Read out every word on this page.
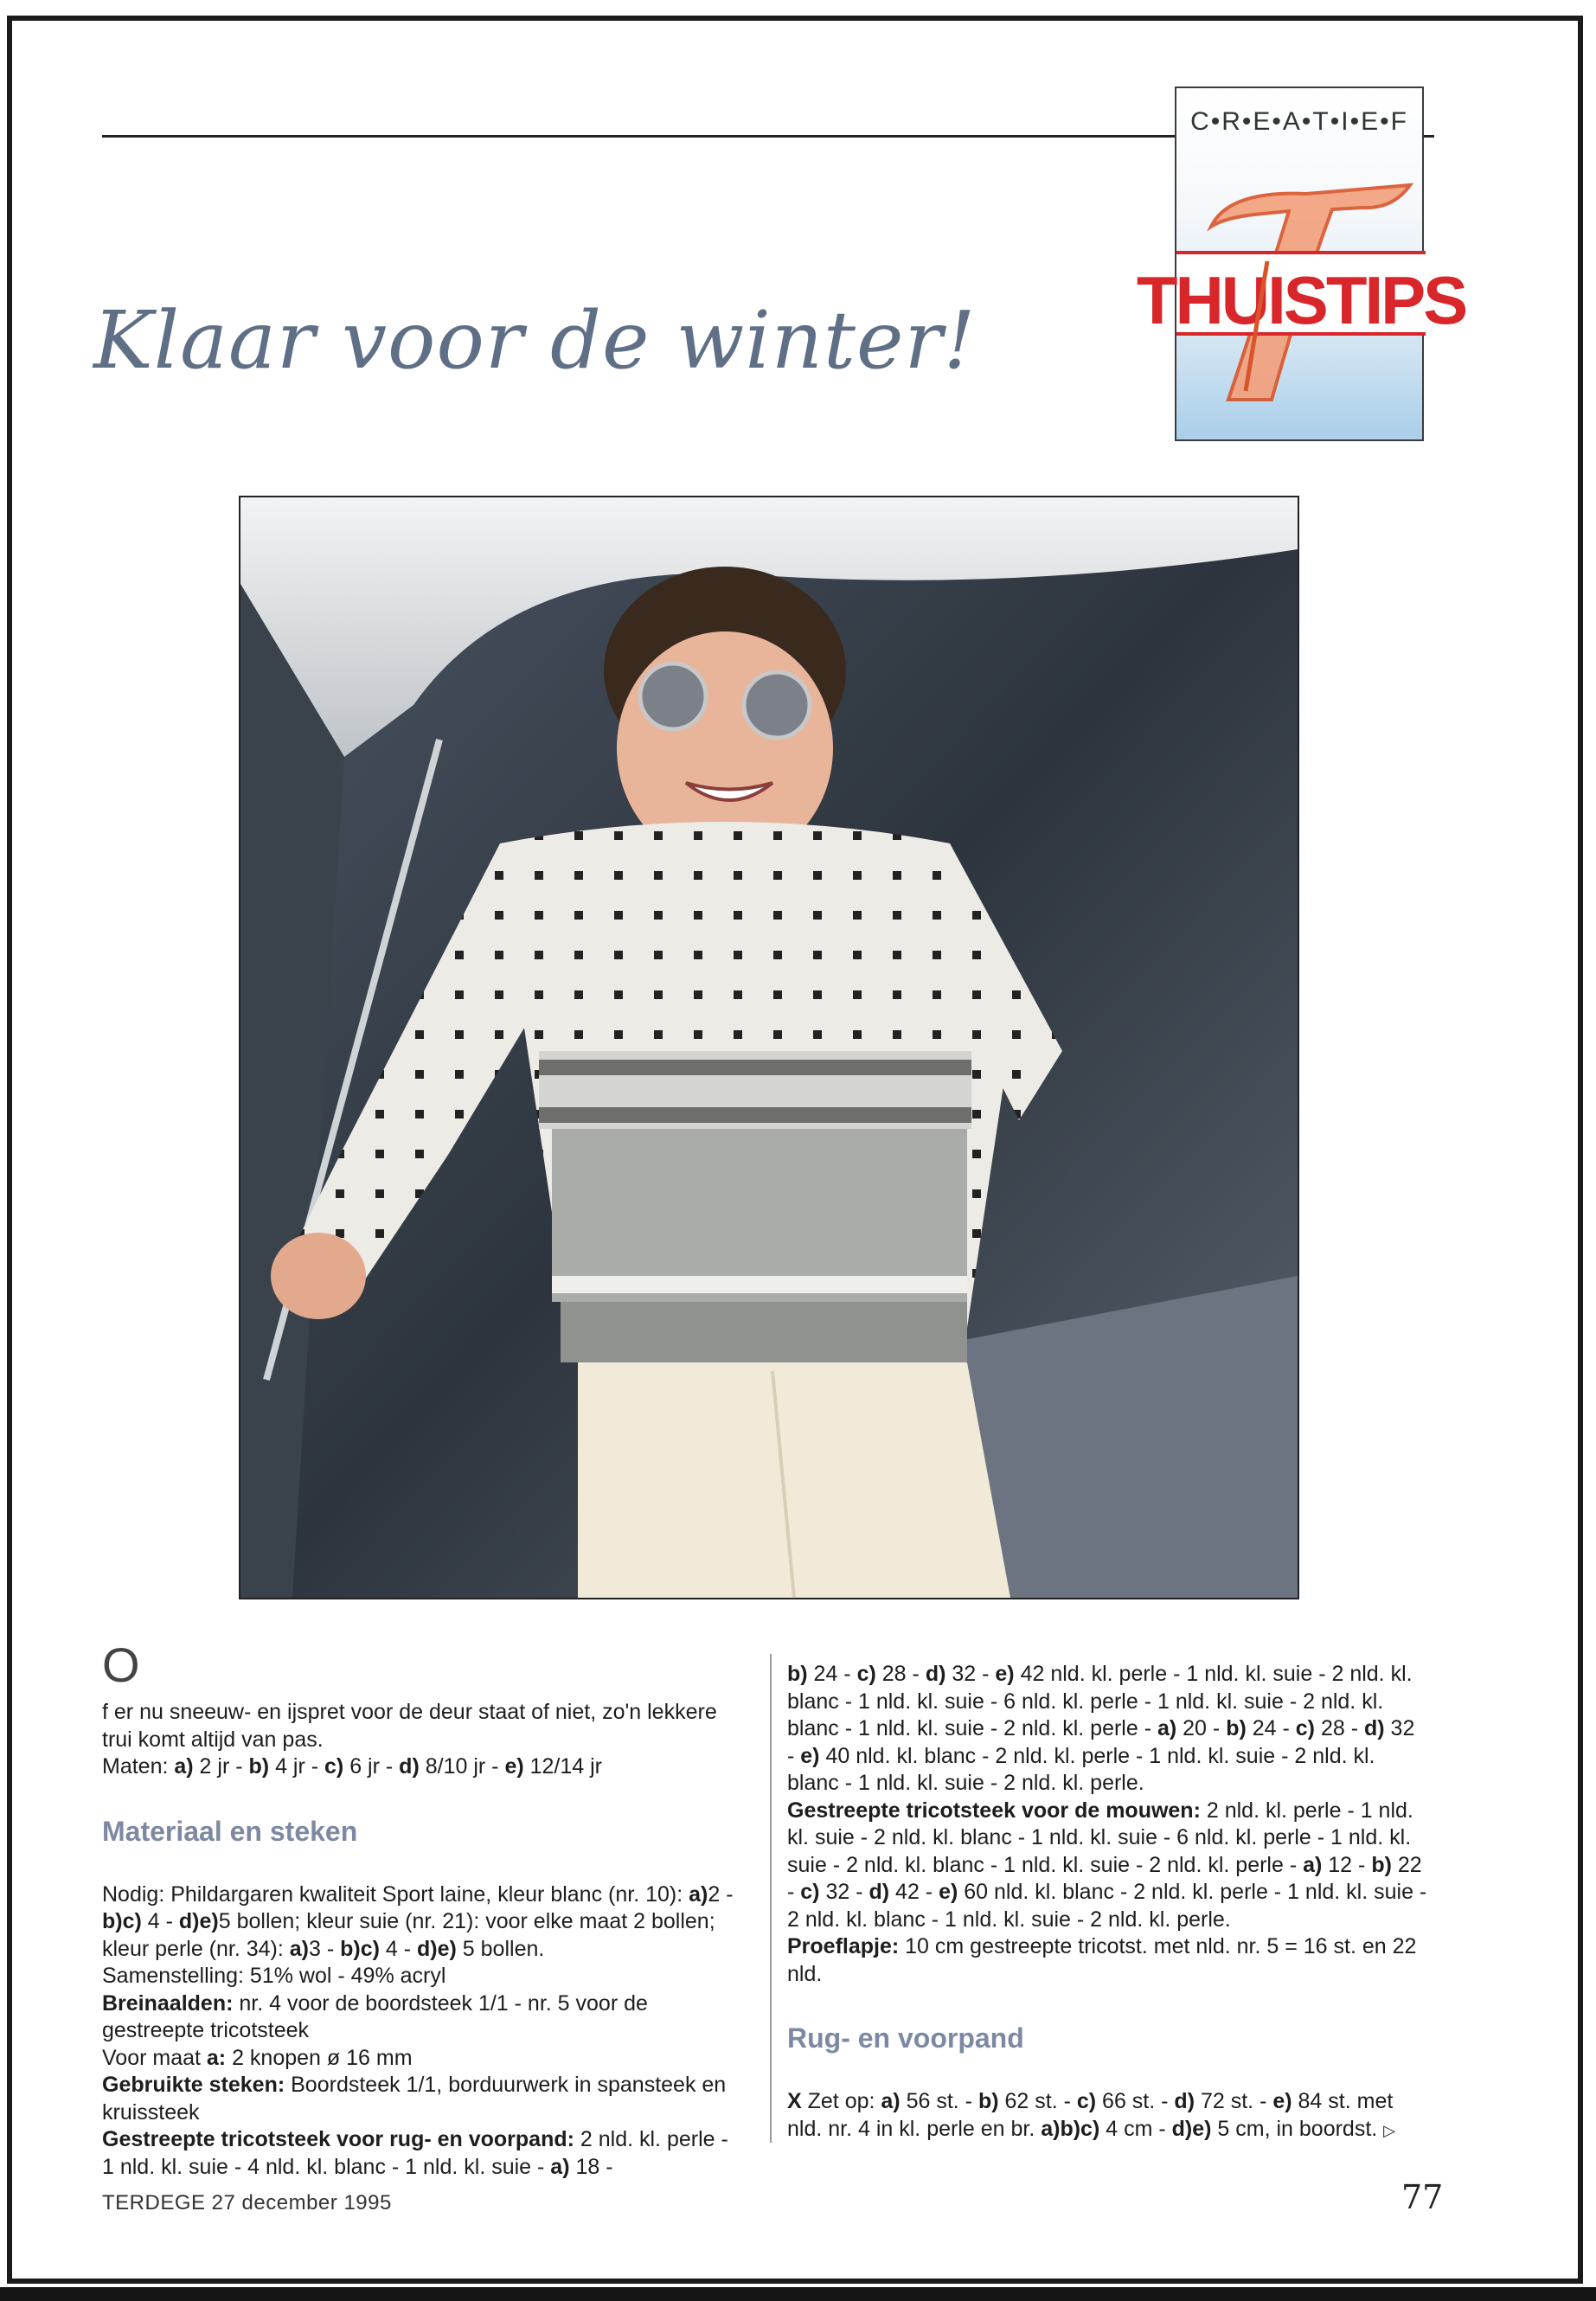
Klaar voor de winter!
C•R•E•A•T•I•E•F
THUISTIPS

O
f er nu sneeuw- en ijspret voor de deur staat of niet, zo'n lekkere trui komt altijd van pas.

Maten: a) 2 jr - b) 4 jr - c) 6 jr - d) 8/10 jr - e) 12/14 jr

Materiaal en steken

Nodig: Phildargaren kwaliteit Sport laine, kleur blanc (nr. 10): a)2 - b)c) 4 - d)e)5 bollen; kleur suie (nr. 21): voor elke maat 2 bollen; kleur perle (nr. 34): a)3 - b)c) 4 - d)e) 5 bollen.

Samenstelling: 51% wol - 49% acryl

Breinaalden: nr. 4 voor de boordsteek 1/1 - nr. 5 voor de gestreepte tricotsteek

Voor maat a: 2 knopen ø 16 mm

Gebruikte steken: Boordsteek 1/1, borduurwerk in spansteek en kruissteek

Gestreepte tricotsteek voor rug- en voorpand: 2 nld. kl. perle - 1 nld. kl. suie - 4 nld. kl. blanc - 1 nld. kl. suie - a) 18 -

b) 24 - c) 28 - d) 32 - e) 42 nld. kl. perle - 1 nld. kl. suie - 2 nld. kl. blanc - 1 nld. kl. suie - 6 nld. kl. perle - 1 nld. kl. suie - 2 nld. kl. blanc - 1 nld. kl. suie - 2 nld. kl. perle - a) 20 - b) 24 - c) 28 - d) 32 - e) 40 nld. kl. blanc - 2 nld. kl. perle - 1 nld. kl. suie - 2 nld. kl. blanc - 1 nld. kl. suie - 2 nld. kl. perle.

Gestreepte tricotsteek voor de mouwen: 2 nld. kl. perle - 1 nld. kl. suie - 2 nld. kl. blanc - 1 nld. kl. suie - 6 nld. kl. perle - 1 nld. kl. suie - 2 nld. kl. blanc - 1 nld. kl. suie - 2 nld. kl. perle - a) 12 - b) 22 - c) 32 - d) 42 - e) 60 nld. kl. blanc - 2 nld. kl. perle - 1 nld. kl. suie - 2 nld. kl. blanc - 1 nld. kl. suie - 2 nld. kl. perle.

Proeflapje: 10 cm gestreepte tricotst. met nld. nr. 5 = 16 st. en 22 nld.

Rug- en voorpand

X Zet op: a) 56 st. - b) 62 st. - c) 66 st. - d) 72 st. - e) 84 st. met nld. nr. 4 in kl. perle en br. a)b)c) 4 cm - d)e) 5 cm, in boordst. ▷

TERDEGE 27 december 1995	77
